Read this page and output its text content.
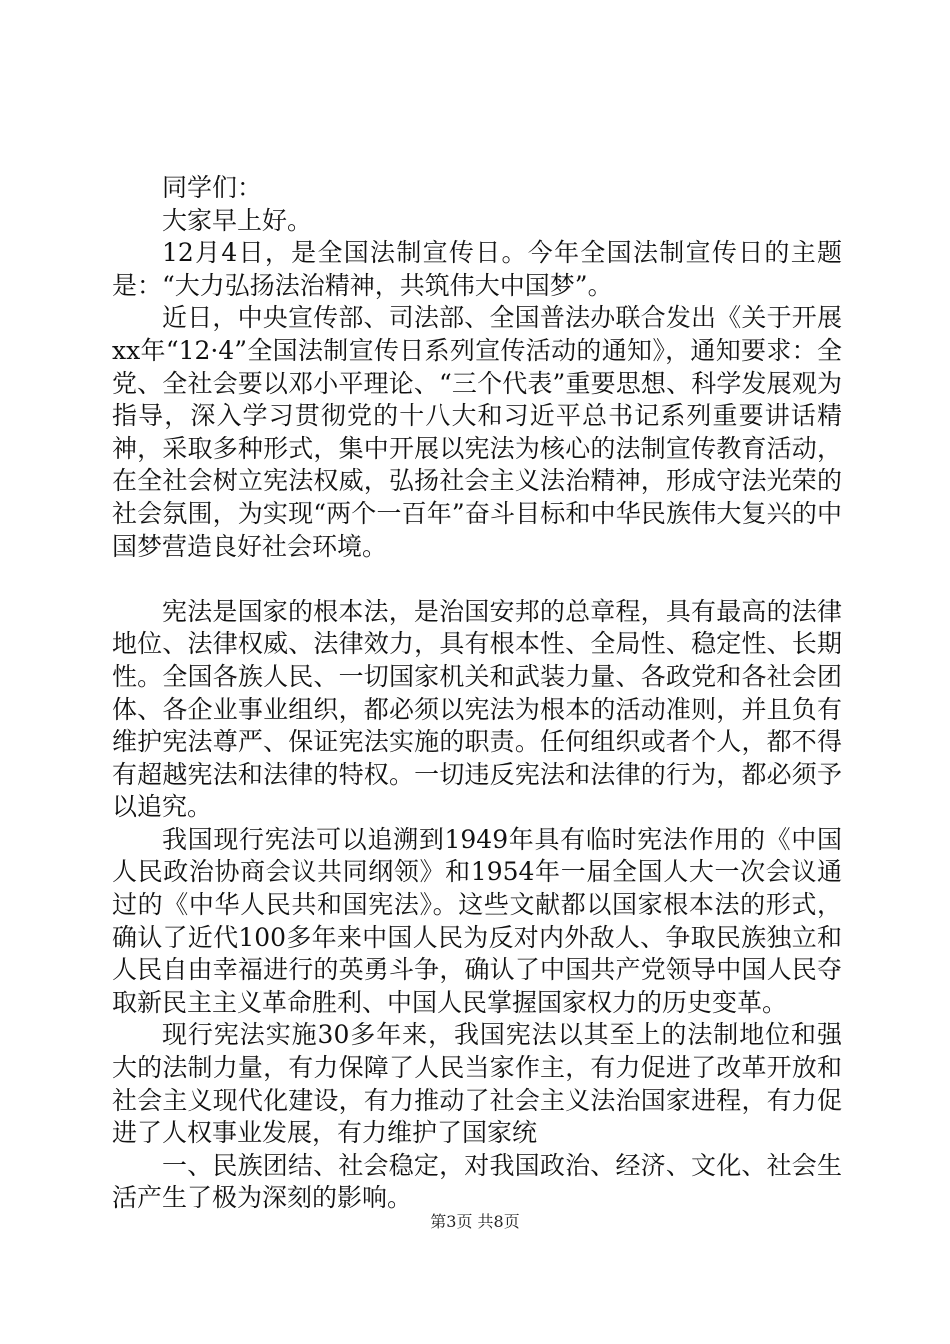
同学们：

大家早上好。

12月4日，是全国法制宣传日。今年全国法制宣传日的主题是：“大力弘扬法治精神，共筑伟大中国梦”。

近日，中央宣传部、司法部、全国普法办联合发出《关于开展xx年“12·4”全国法制宣传日系列宣传活动的通知》，通知要求：全党、全社会要以邓小平理论、“三个代表”重要思想、科学发展观为指导，深入学习贯彻党的十八大和习近平总书记系列重要讲话精神，采取多种形式，集中开展以宪法为核心的法制宣传教育活动，在全社会树立宪法权威，弘扬社会主义法治精神，形成守法光荣的社会氛围，为实现“两个一百年”奋斗目标和中华民族伟大复兴的中国梦营造良好社会环境。

宪法是国家的根本法，是治国安邦的总章程，具有最高的法律地位、法律权威、法律效力，具有根本性、全局性、稳定性、长期性。全国各族人民、一切国家机关和武装力量、各政党和各社会团体、各企业事业组织，都必须以宪法为根本的活动准则，并且负有维护宪法尊严、保证宪法实施的职责。任何组织或者个人，都不得有超越宪法和法律的特权。一切违反宪法和法律的行为，都必须予以追究。

我国现行宪法可以追溯到1949年具有临时宪法作用的《中国人民政治协商会议共同纲领》和1954年一届全国人大一次会议通过的《中华人民共和国宪法》。这些文献都以国家根本法的形式，确认了近代100多年来中国人民为反对内外敌人、争取民族独立和人民自由幸福进行的英勇斗争，确认了中国共产党领导中国人民夺取新民主主义革命胜利、中国人民掌握国家权力的历史变革。

现行宪法实施30多年来，我国宪法以其至上的法制地位和强大的法制力量，有力保障了人民当家作主，有力促进了改革开放和社会主义现代化建设，有力推动了社会主义法治国家进程，有力促进了人权事业发展，有力维护了国家统

一、民族团结、社会稳定，对我国政治、经济、文化、社会生活产生了极为深刻的影响。

第3页 共8页
